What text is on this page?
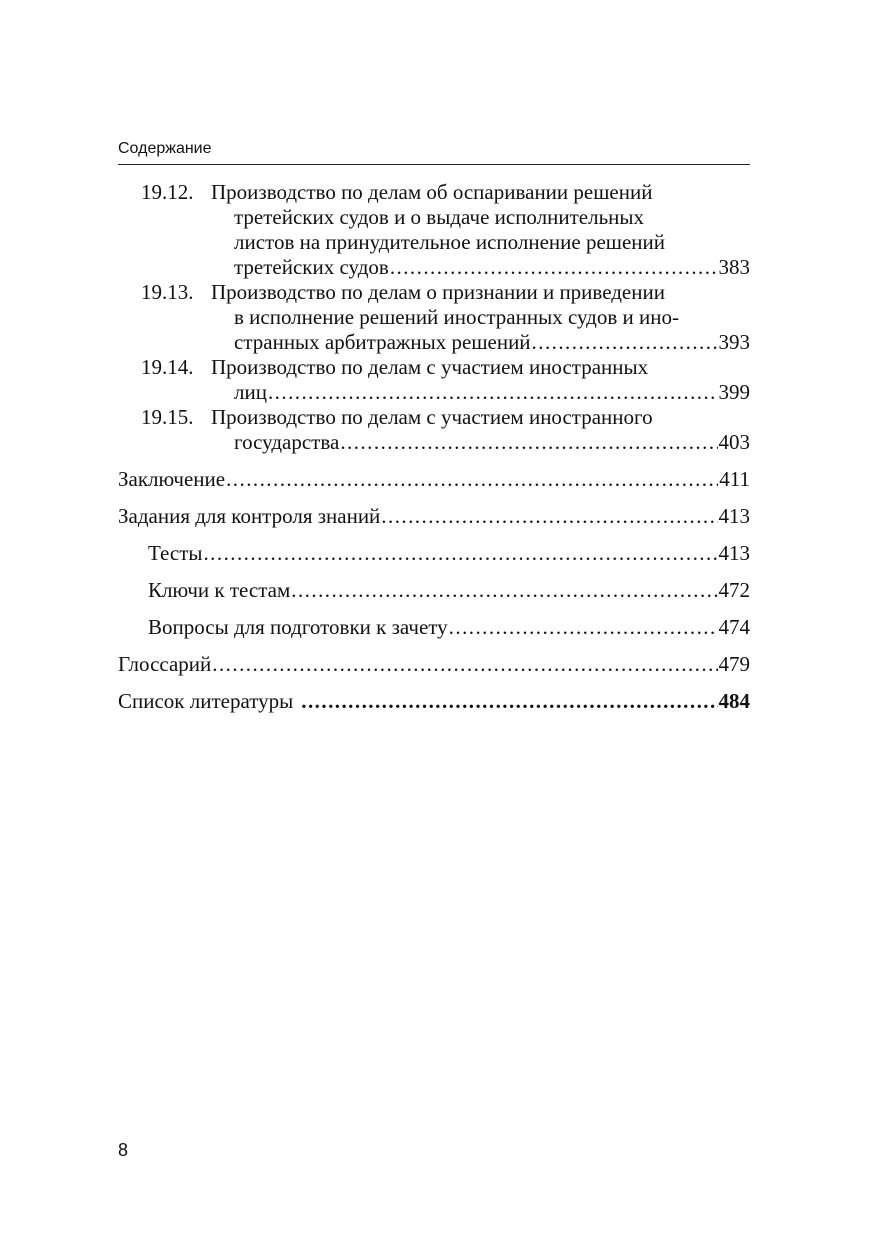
Содержание
19.12. Производство по делам об оспаривании решений
третейских судов и о выдаче исполнительных
листов на принудительное исполнение решений
третейских судов . . .	383
19.13. Производство по делам о признании и приведении
в исполнение решений иностранных судов и ино-
странных арбитражных решений . . .	393
19.14. Производство по делам с участием иностранных
лиц . . .	399
19.15. Производство по делам с участием иностранного
государства . . .	403
Заключение . . .	411
Задания для контроля знаний . . .	413
Тесты . . .	413
Ключи к тестам . . .	472
Вопросы для подготовки к зачету . . .	474
Глоссарий . . .	479
Список литературы . . .	484
8
